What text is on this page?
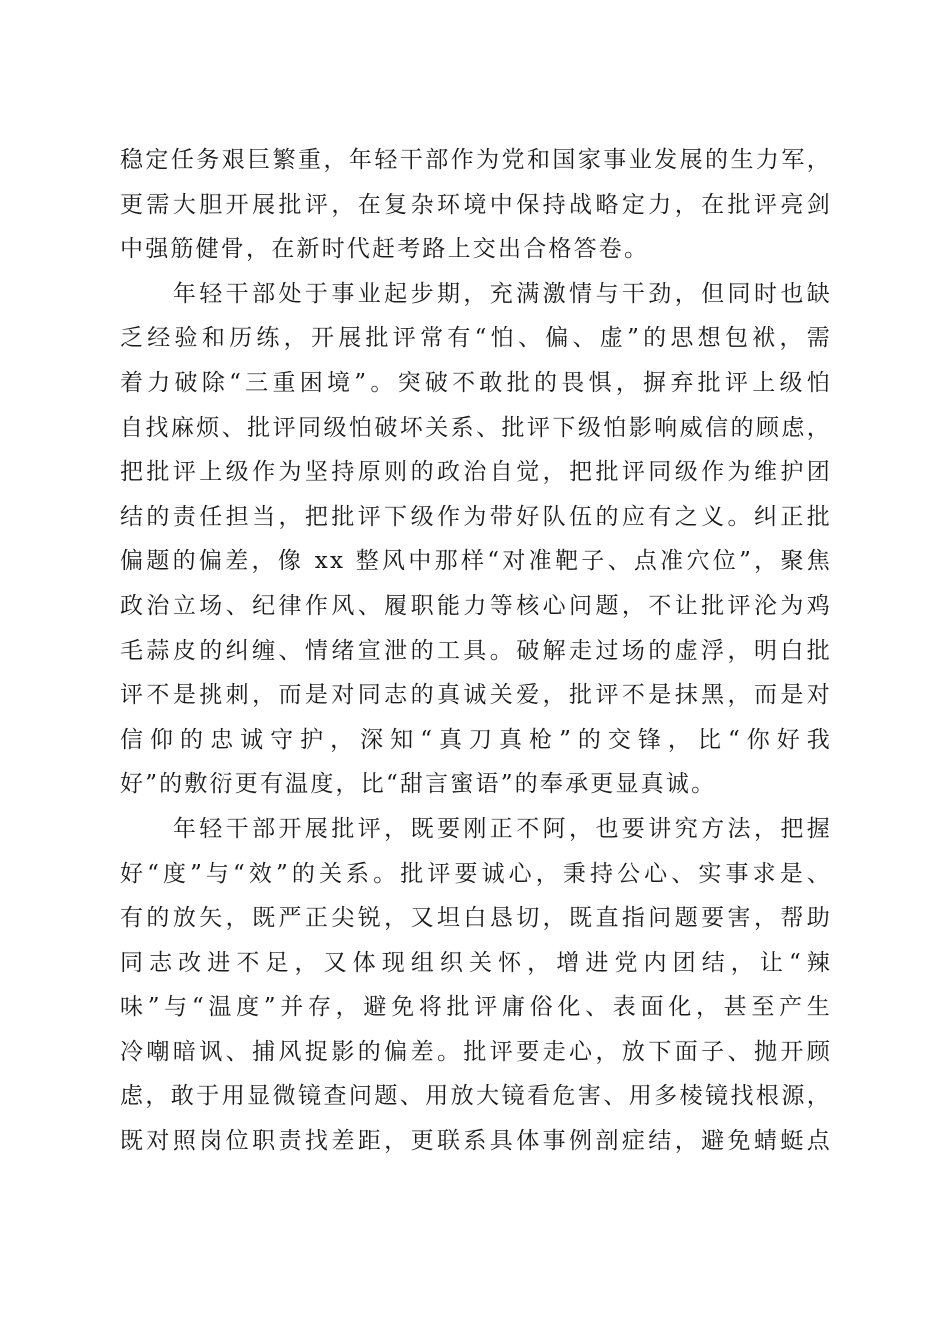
稳定任务艰巨繁重，年轻干部作为党和国家事业发展的生力军，
更需大胆开展批评，在复杂环境中保持战略定力，在批评亮剑
中强筋健骨，在新时代赶考路上交出合格答卷。
　　年轻干部处于事业起步期，充满激情与干劲，但同时也缺
乏经验和历练，开展批评常有“怕、偏、虚”的思想包袱，需
着力破除“三重困境”。突破不敢批的畏惧，摒弃批评上级怕
自找麻烦、批评同级怕破坏关系、批评下级怕影响威信的顾虑，
把批评上级作为坚持原则的政治自觉，把批评同级作为维护团
结的责任担当，把批评下级作为带好队伍的应有之义。纠正批
偏题的偏差，像 xx 整风中那样“对准靶子、点准穴位”，聚焦
政治立场、纪律作风、履职能力等核心问题，不让批评沦为鸡
毛蒜皮的纠缠、情绪宣泄的工具。破解走过场的虚浮，明白批
评不是挑刺，而是对同志的真诚关爱，批评不是抹黑，而是对
信仰的忠诚守护，深知“真刀真枪”的交锋，比“你好我
好”的敷衍更有温度，比“甜言蜜语”的奉承更显真诚。
　　年轻干部开展批评，既要刚正不阿，也要讲究方法，把握
好“度”与“效”的关系。批评要诚心，秉持公心、实事求是、
有的放矢，既严正尖锐，又坦白恳切，既直指问题要害，帮助
同志改进不足，又体现组织关怀，增进党内团结，让“辣
味”与“温度”并存，避免将批评庸俗化、表面化，甚至产生
冷嘲暗讽、捕风捉影的偏差。批评要走心，放下面子、抛开顾
虑，敢于用显微镜查问题、用放大镜看危害、用多棱镜找根源，
既对照岗位职责找差距，更联系具体事例剖症结，避免蜻蜓点
